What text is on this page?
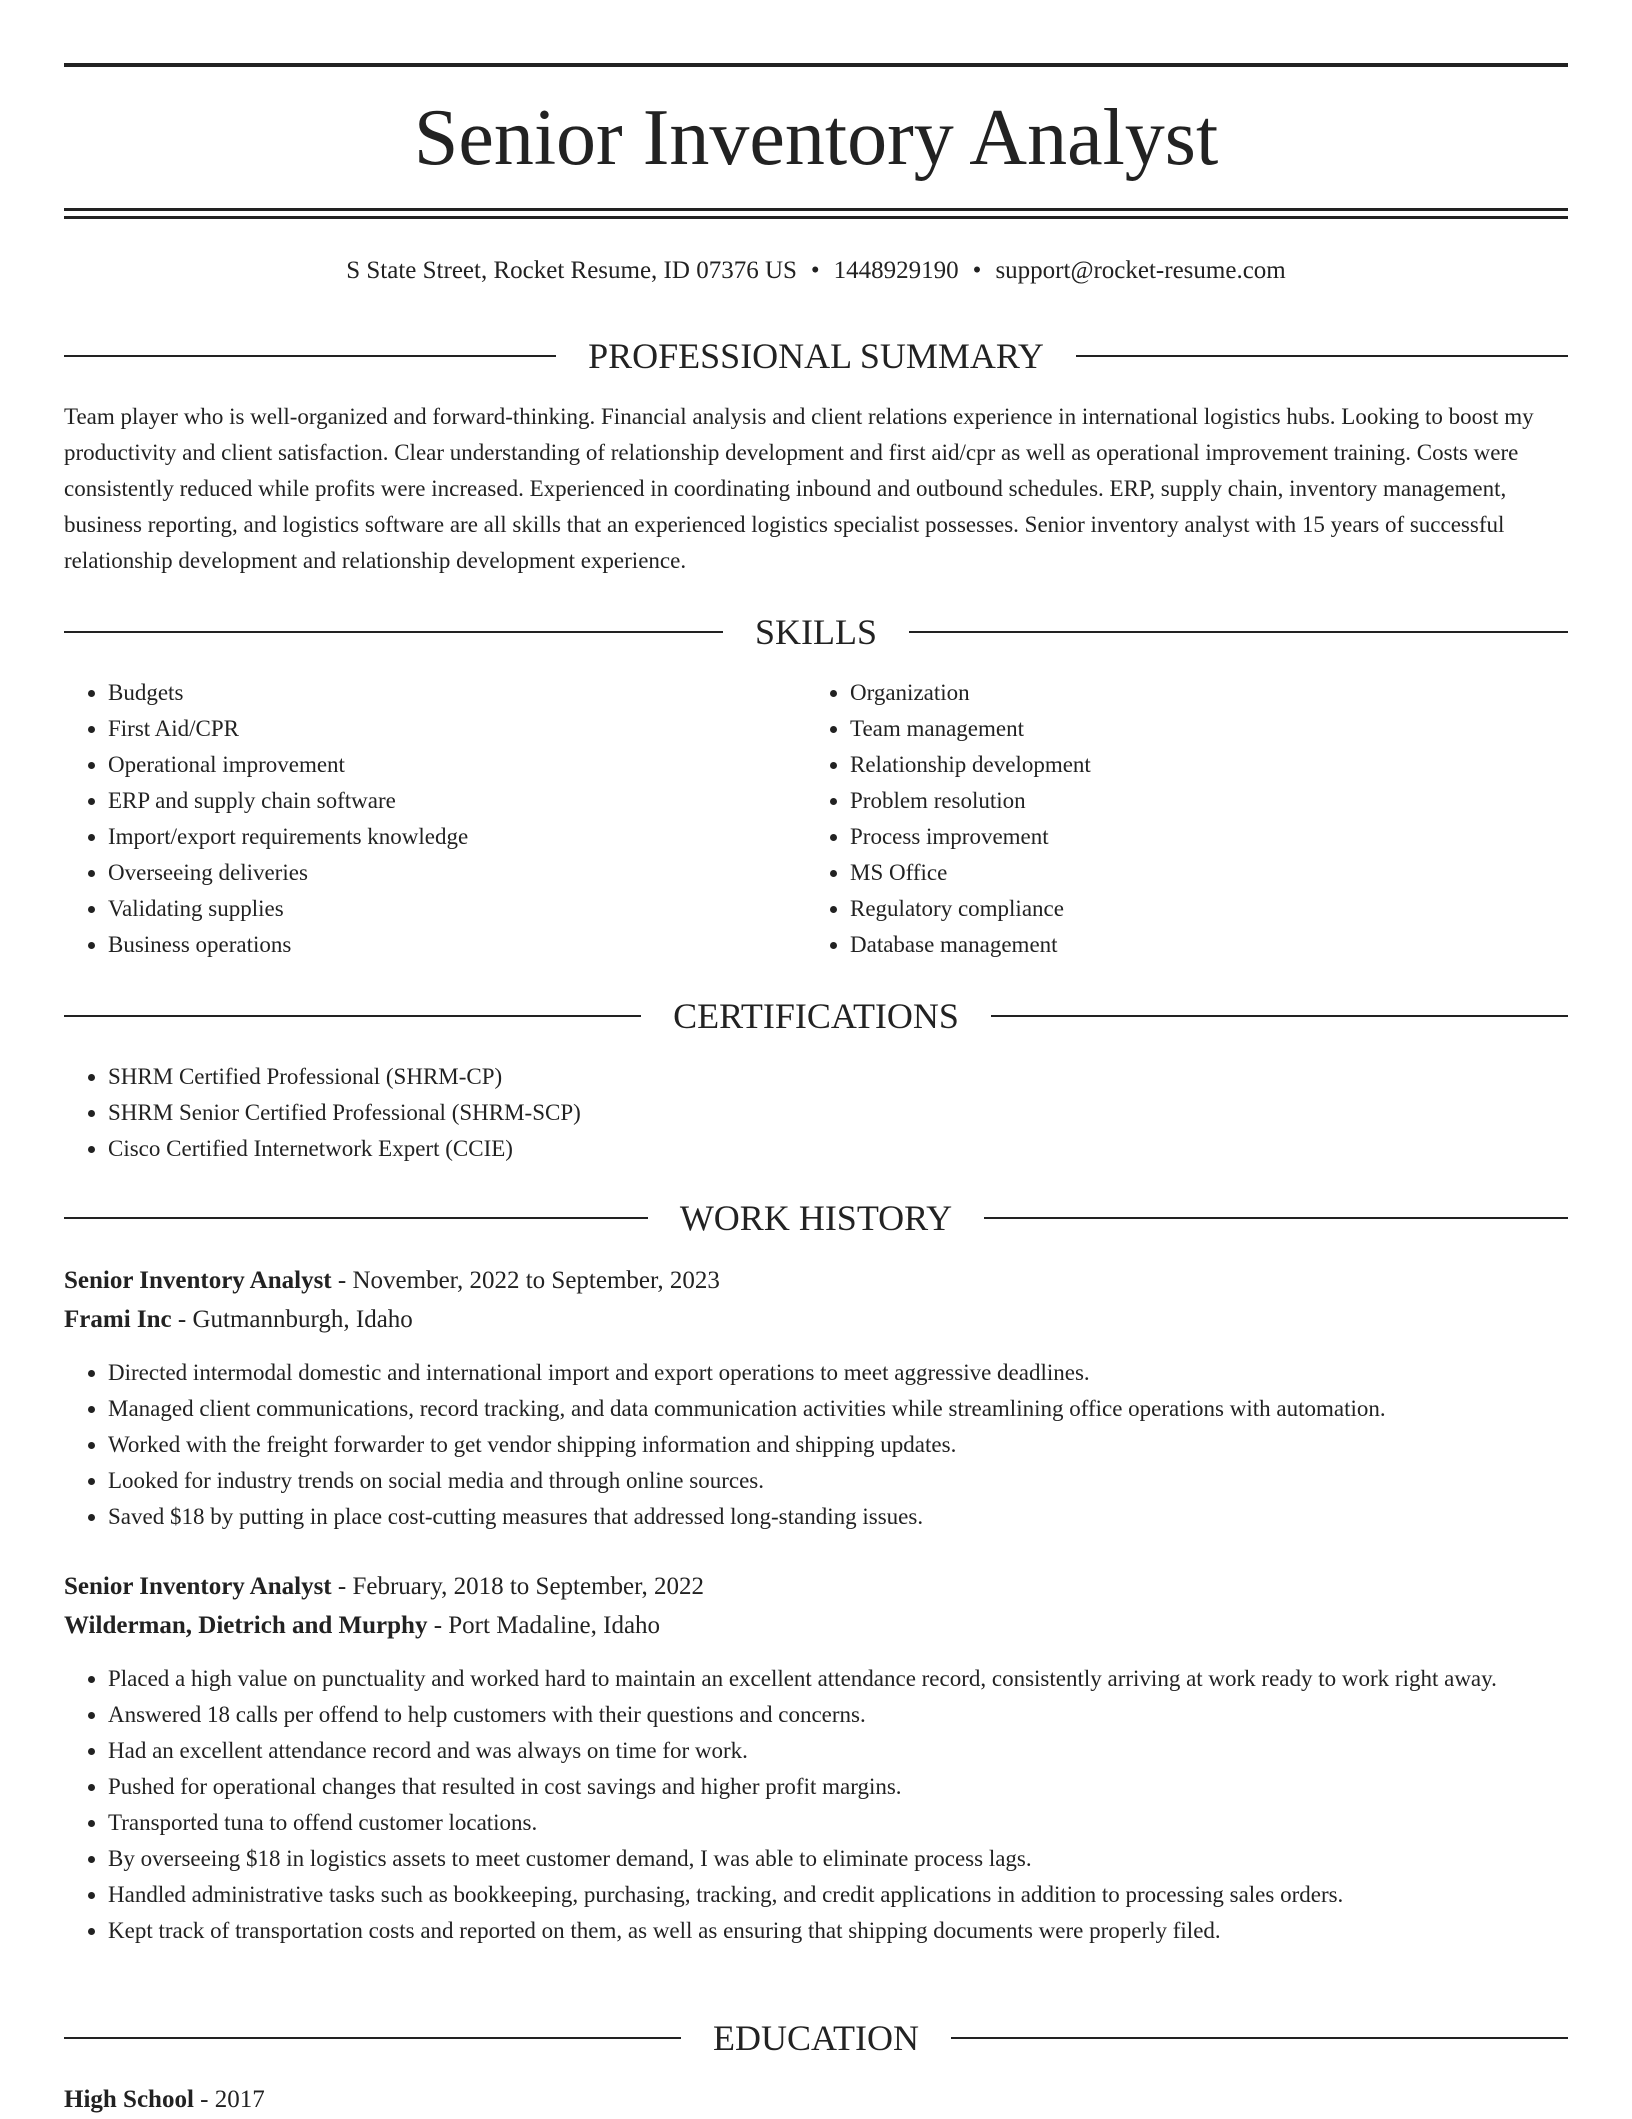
Senior Inventory Analyst
S State Street, Rocket Resume, ID 07376 US • 1448929190 • support@rocket-resume.com
PROFESSIONAL SUMMARY

Team player who is well-organized and forward-thinking. Financial analysis and client relations experience in international logistics hubs. Looking to boost my productivity and client satisfaction. Clear understanding of relationship development and first aid/cpr as well as operational improvement training. Costs were consistently reduced while profits were increased. Experienced in coordinating inbound and outbound schedules. ERP, supply chain, inventory management, business reporting, and logistics software are all skills that an experienced logistics specialist possesses. Senior inventory analyst with 15 years of successful relationship development and relationship development experience.

SKILLS
• Budgets
• First Aid/CPR
• Operational improvement
• ERP and supply chain software
• Import/export requirements knowledge
• Overseeing deliveries
• Validating supplies
• Business operations
• Organization
• Team management
• Relationship development
• Problem resolution
• Process improvement
• MS Office
• Regulatory compliance
• Database management
CERTIFICATIONS
• SHRM Certified Professional (SHRM-CP)
• SHRM Senior Certified Professional (SHRM-SCP)
• Cisco Certified Internetwork Expert (CCIE)
WORK HISTORY
Senior Inventory Analyst - November, 2022 to September, 2023
Frami Inc - Gutmannburgh, Idaho
• Directed intermodal domestic and international import and export operations to meet aggressive deadlines.
• Managed client communications, record tracking, and data communication activities while streamlining office operations with automation.
• Worked with the freight forwarder to get vendor shipping information and shipping updates.
• Looked for industry trends on social media and through online sources.
• Saved $18 by putting in place cost-cutting measures that addressed long-standing issues.
Senior Inventory Analyst - February, 2018 to September, 2022
Wilderman, Dietrich and Murphy - Port Madaline, Idaho
• Placed a high value on punctuality and worked hard to maintain an excellent attendance record, consistently arriving at work ready to work right away.
• Answered 18 calls per offend to help customers with their questions and concerns.
• Had an excellent attendance record and was always on time for work.
• Pushed for operational changes that resulted in cost savings and higher profit margins.
• Transported tuna to offend customer locations.
• By overseeing $18 in logistics assets to meet customer demand, I was able to eliminate process lags.
• Handled administrative tasks such as bookkeeping, purchasing, tracking, and credit applications in addition to processing sales orders.
• Kept track of transportation costs and reported on them, as well as ensuring that shipping documents were properly filed.
EDUCATION
High School - 2017
